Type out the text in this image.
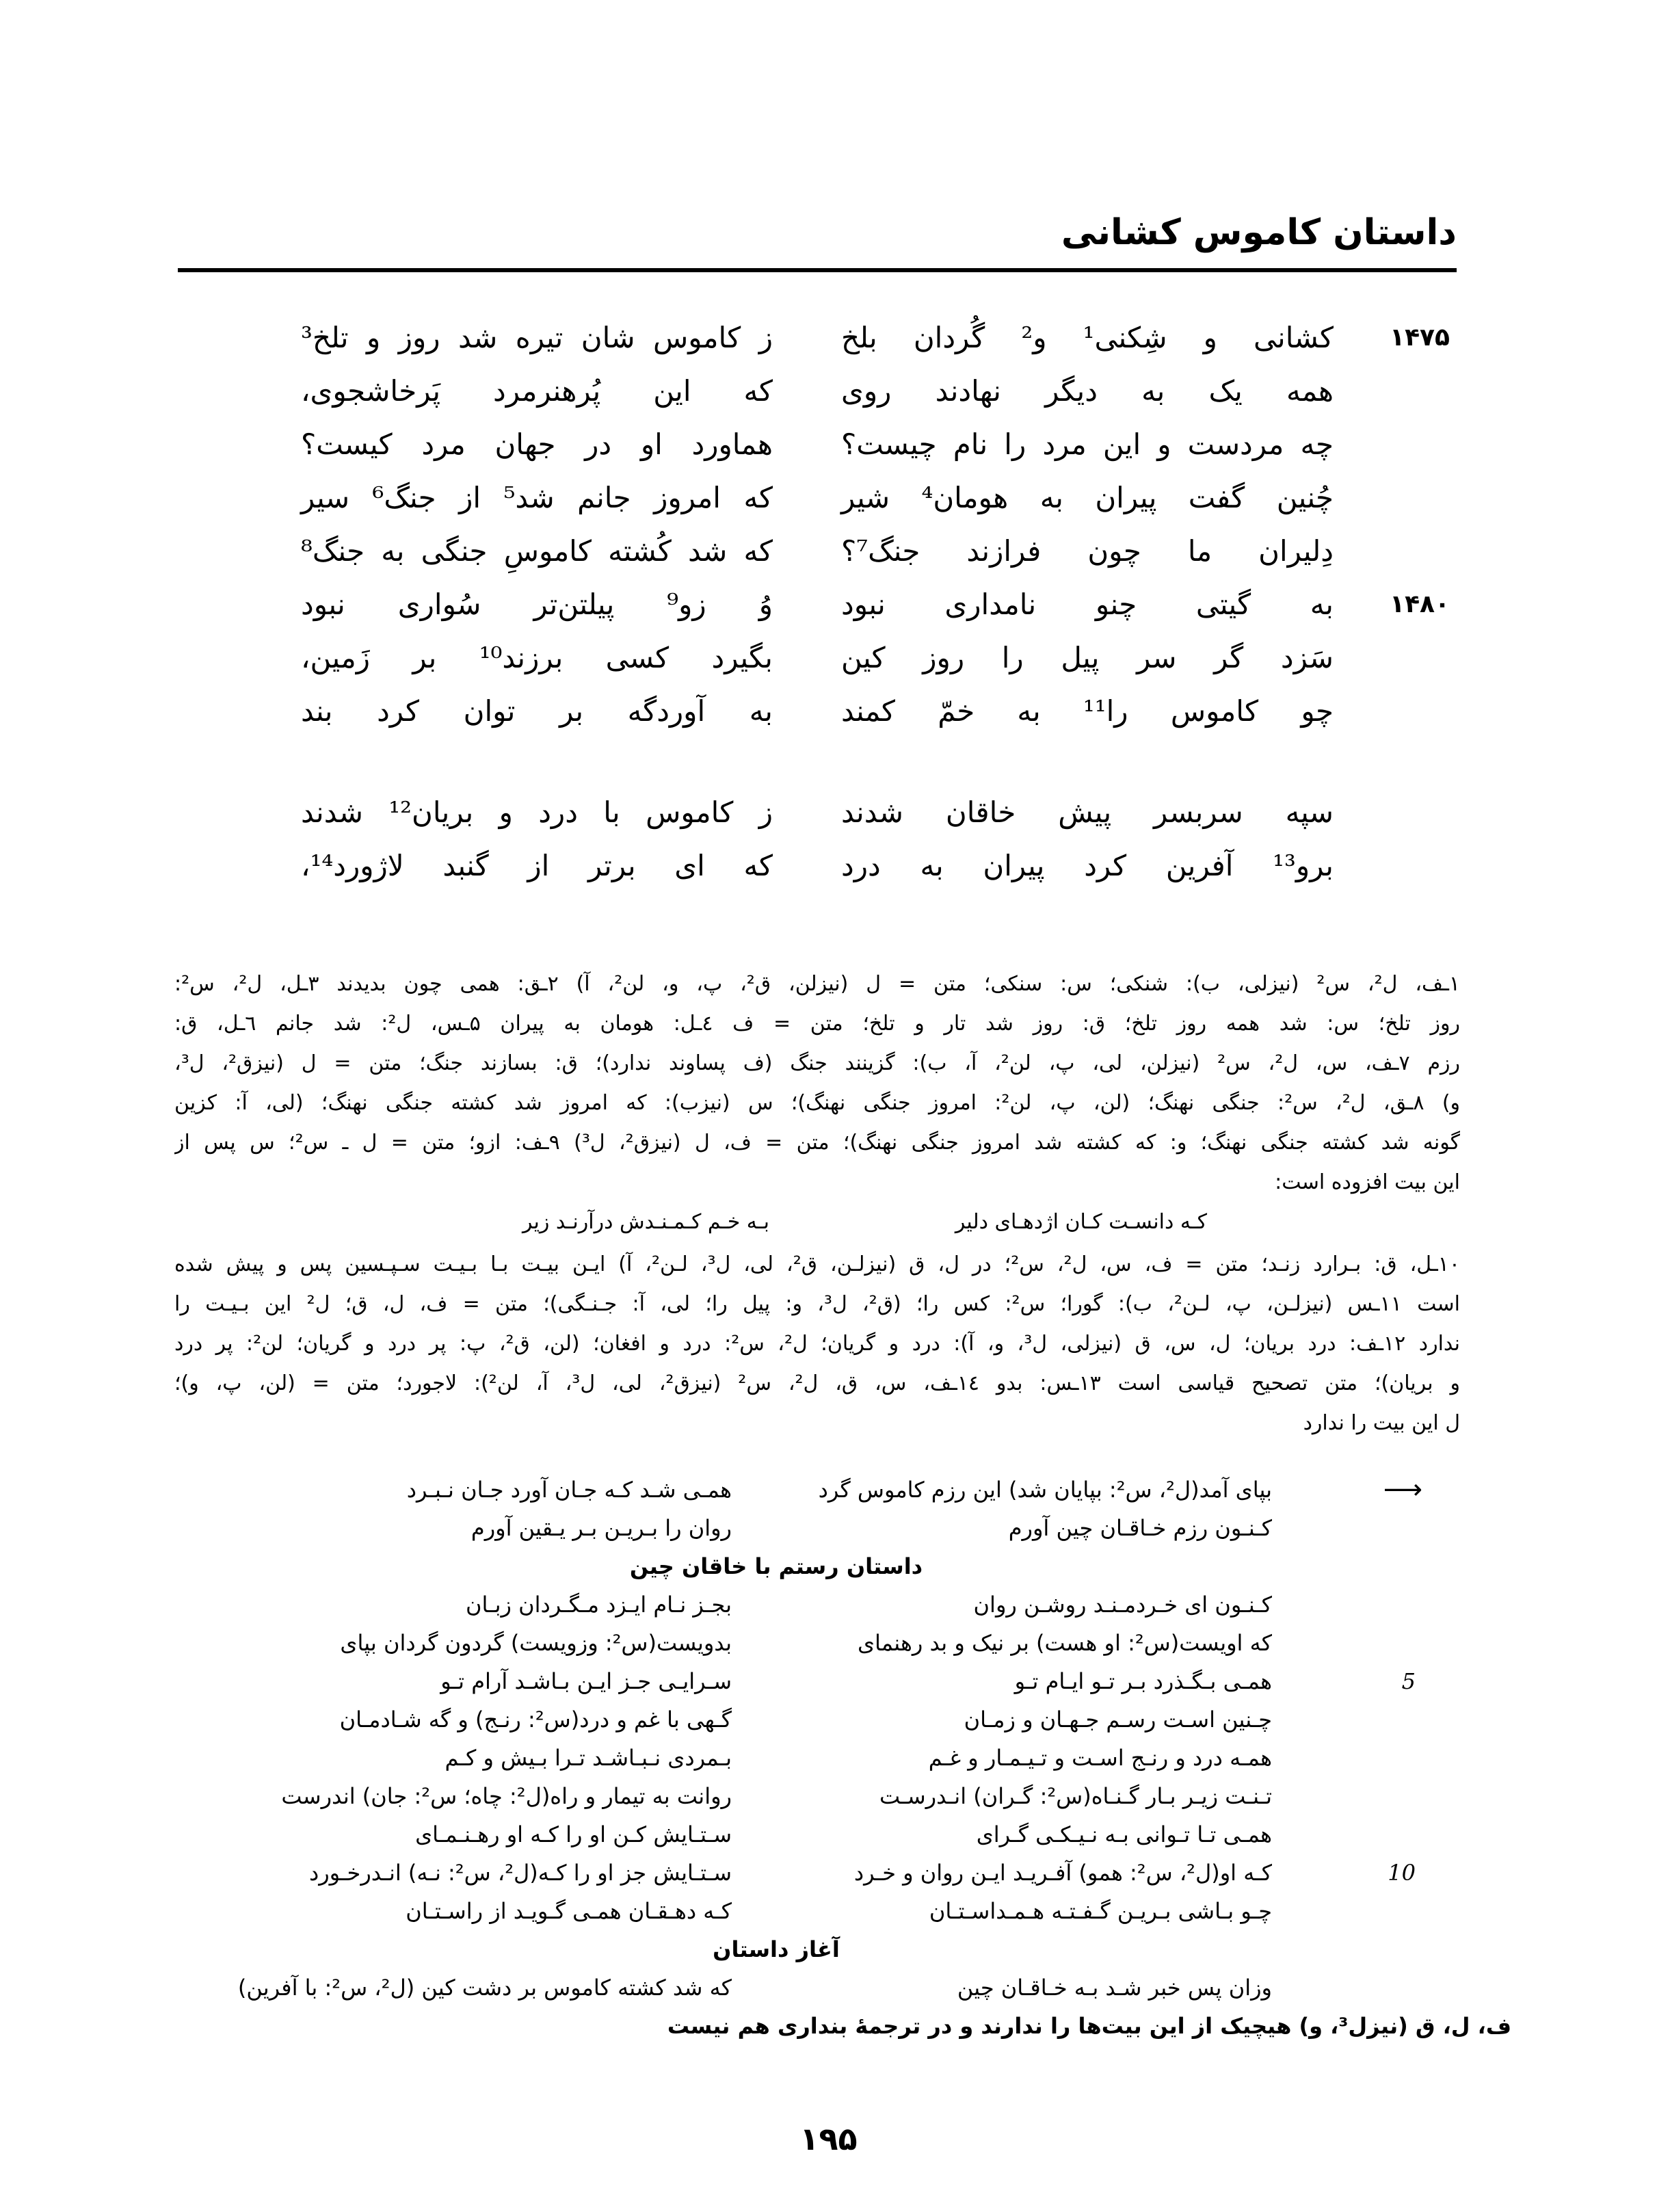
داستان کاموس کشانی
۱۴۷۵
کشانی و شِکنی¹ و² گُردان بلخ
ز کاموس شان تیره شد روز و تلخ³
همه یک به دیگر نهادند روی
که این پُرهنرمرد پَرخاشجوی،
چه مردست و این مرد را نام چیست؟
هماورد او در جهان مرد کیست؟
چُنین گفت پیران به هومان⁴ شیر
که امروز جانم شد⁵ از جنگ⁶ سیر
دِلیران ما چون فرازند جنگ⁷؟
که شد کُشته کاموسِ جنگی به جنگ⁸
۱۴۸۰
به گیتی چنو نامداری نبود
وُ زو⁹ پیلتن‌تر سُواری نبود
سَزد گر سر پیل را روز کین
بگیرد کسی برزند¹⁰ بر زَمین،
چو کاموس را¹¹ به خمّ کمند
به آوردگه بر توان کرد بند
سپه سربسر پیش خاقان شدند
ز کاموس با درد و بریان¹² شدند
برو¹³ آفرین کرد پیران به درد
که ای برتر از گنبد لاژورد¹⁴،
۱ـف، ل²، س² (نیزلی، ب): شنکی؛ س: سنکی؛ متن = ل (نیزلن، ق²، پ، و، لن²، آ) ۲ـق: همی چون بدیدند ۳ـل، ل²، س²:
روز تلخ؛ س: شد همه روز تلخ؛ ق: روز شد تار و تلخ؛ متن = ف ٤ـل: هومان به پیران ۵ـس، ل²: شد جانم ٦ـل، ق:
رزم ۷ـف، س، ل²، س² (نیزلن، لی، پ، لن²، آ، ب): گزینند جنگ (ف پساوند ندارد)؛ ق: بسازند جنگ؛ متن = ل (نیزق²، ل³،
و) ۸ـق، ل²، س²: جنگی نهنگ؛ (لن، پ، لن²: امروز جنگی نهنگ)؛ س (نیزب): که امروز شد کشته جنگی نهنگ؛ (لی، آ: کزین
گونه شد کشته جنگی نهنگ؛ و: که کشته شد امروز جنگی نهنگ)؛ متن = ف، ل (نیزق²، ل³) ۹ـف: ازو؛ متن = ل ـ س²؛ س پس از
این بیت افزوده است:
کـه دانسـت کـان اژدهـای دلیر
بـه خـم کـمـنـدش درآرنـد زیر
۱۰ـل، ق: بـرارد زنـد؛ متن = ف، س، ل²، س²؛ در ل، ق (نیزلـن، ق²، لی، ل³، لـن²، آ) ایـن بیـت بـا بـیـت سـپـسین پس و پیش شده
است ۱۱ـس (نیزلـن، پ، لـن²، ب): گورا؛ س²: کس را؛ (ق²، ل³، و: پیل را؛ لی، آ: جـنـگی)؛ متن = ف، ل، ق؛ ل² این بـیـت را
ندارد ۱۲ـف: درد بریان؛ ل، س، ق (نیزلی، ل³، و، آ): درد و گریان؛ ل²، س²: درد و افغان؛ (لن، ق²، پ: پر درد و گریان؛ لن²: پر درد
و بریان)؛ متن تصحیح قیاسی است ۱۳ـس: بدو ۱٤ـف، س، ق، ل²، س² (نیزق²، لی، ل³، آ، لن²): لاجورد؛ متن = (لن، پ، و)؛
ل این بیت را ندارد
⟶
بپای آمد(ل²، س²: بپایان شد) این رزم کاموس گرد
همـی شـد کـه جـان آورد جـان نـبـرد
کـنـون رزم خـاقـان چین آورم
روان را بـریـن بـر یـقین آورم
داستان رستم با خاقان چین
کـنـون ای خـردمـنـد روشـن روان
بجـز نـام ایـزد مـگـردان زبـان
که اویست(س²: او هست) بر نیک و بد رهنمای
بدویست(س²: وزویست) گردون گردان بپای
5
همـی بـگـذرد بـر تـو ایـام تـو
سـرایـی جـز ایـن بـاشـد آرام تـو
چـنین اسـت رسـم جـهـان و زمـان
گـهی با غم و درد(س²: رنـج) و گه شـادمـان
همـه درد و رنـج اسـت و تـیـمـار و غـم
بـمردی نـبـاشـد تـرا بـیش و کـم
تـنـت زیـر بـار گـنـاه(س²: گـران) انـدرسـت
روانت به تیمار و راه(ل²: چاه؛ س²: جان) اندرست
همـی تـا تـوانی بـه نـیـکـی گـرای
سـتـایش کـن او را کـه او رهـنـمـای
10
کـه او(ل²، س²: همو) آفـریـد ایـن روان و خـرد
سـتـایش جز او را کـه(ل²، س²: نـه) انـدرخـورد
چـو بـاشی بـریـن گـفـتـه هـمـداسـتـان
کـه دهـقـان همـی گـویـد از راسـتـان
آغاز داستان
وزان پس خبر شـد بـه خـاقـان چین
که شد کشته کاموس بر دشت کین (ل²، س²: با آفرین)
ف، ل، ق (نیزل³، و) هیچیک از این بیت‌ها را ندارند و در ترجمهٔ بنداری هم نیست
۱۹۵
